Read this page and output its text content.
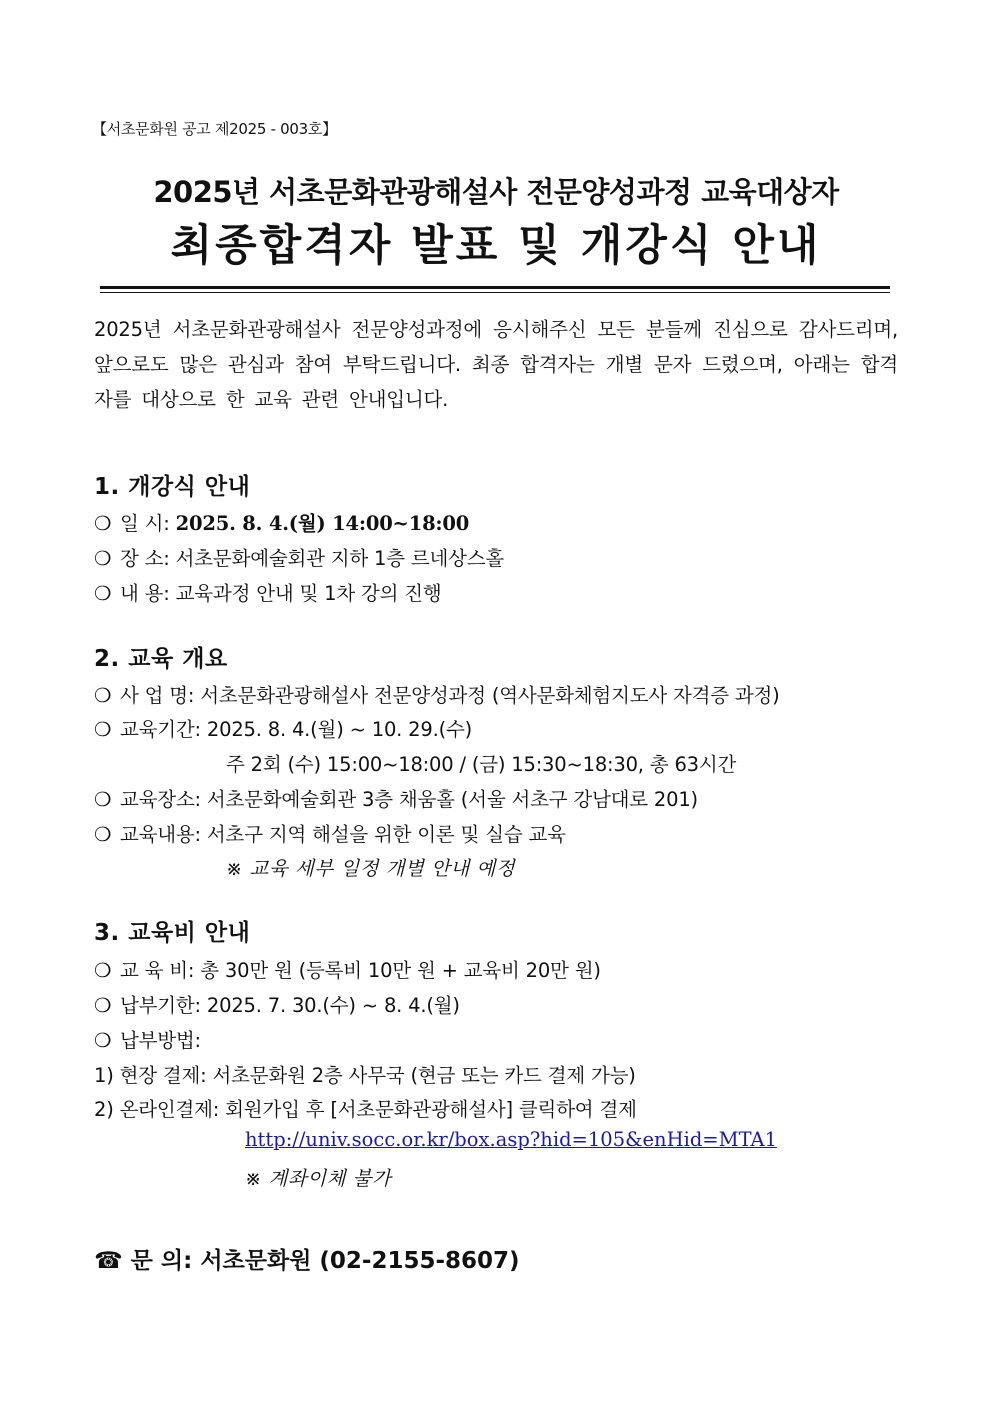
【서초문화원 공고 제2025 - 003호】
2025년 서초문화관광해설사 전문양성과정 교육대상자
최종합격자 발표 및 개강식 안내
2025년 서초문화관광해설사 전문양성과정에 응시해주신 모든 분들께 진심으로 감사드리며, 앞으로도 많은 관심과 참여 부탁드립니다. 최종 합격자는 개별 문자 드렸으며, 아래는 합격자를 대상으로 한 교육 관련 안내입니다.
1. 개강식 안내
❍ 일 시: 2025. 8. 4.(월) 14:00~18:00
❍ 장 소: 서초문화예술회관 지하 1층 르네상스홀
❍ 내 용: 교육과정 안내 및 1차 강의 진행
2. 교육 개요
❍ 사 업 명: 서초문화관광해설사 전문양성과정 (역사문화체험지도사 자격증 과정)
❍ 교육기간: 2025. 8. 4.(월) ~ 10. 29.(수)
주 2회 (수) 15:00~18:00 / (금) 15:30~18:30, 총 63시간
❍ 교육장소: 서초문화예술회관 3층 채움홀 (서울 서초구 강남대로 201)
❍ 교육내용: 서초구 지역 해설을 위한 이론 및 실습 교육
※ 교육 세부 일정 개별 안내 예정
3. 교육비 안내
❍ 교 육 비: 총 30만 원 (등록비 10만 원 + 교육비 20만 원)
❍ 납부기한: 2025. 7. 30.(수) ~ 8. 4.(월)
❍ 납부방법:
1) 현장 결제: 서초문화원 2층 사무국 (현금 또는 카드 결제 가능)
2) 온라인결제: 회원가입 후 [서초문화관광해설사] 클릭하여 결제
http://univ.socc.or.kr/box.asp?hid=105&enHid=MTA1
※ 계좌이체 불가
☎ 문 의: 서초문화원 (02-2155-8607)
